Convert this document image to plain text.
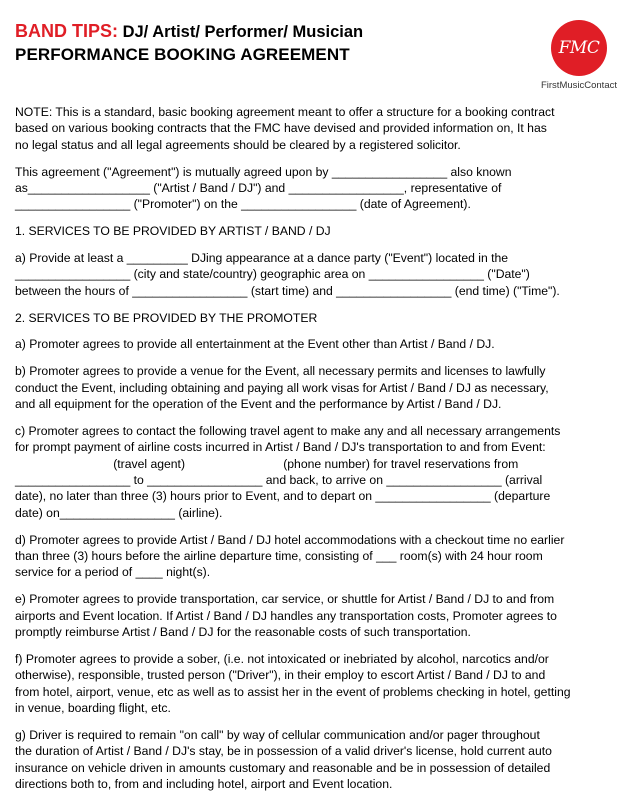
BAND TIPS: DJ/ Artist/ Performer/ Musician
PERFORMANCE BOOKING AGREEMENT	FMC
FirstMusicContact

NOTE: This is a standard, basic booking agreement meant to offer a structure for a booking contract
based on various booking contracts that the FMC have devised and provided information on, It has
no legal status and all legal agreements should be cleared by a registered solicitor.

This agreement ("Agreement") is mutually agreed upon by _________________ also known
as__________________ ("Artist / Band / DJ") and _________________, representative of
_________________ ("Promoter") on the _________________ (date of Agreement).

1. SERVICES TO BE PROVIDED BY ARTIST / BAND / DJ

a) Provide at least a _________ DJing appearance at a dance party ("Event") located in the
_________________ (city and state/country) geographic area on _________________ ("Date")
between the hours of _________________ (start time) and _________________ (end time) ("Time").

2. SERVICES TO BE PROVIDED BY THE PROMOTER

a) Promoter agrees to provide all entertainment at the Event other than Artist / Band / DJ.

b) Promoter agrees to provide a venue for the Event, all necessary permits and licenses to lawfully
conduct the Event, including obtaining and paying all work visas for Artist / Band / DJ as necessary,
and all equipment for the operation of the Event and the performance by Artist / Band / DJ.

c) Promoter agrees to contact the following travel agent to make any and all necessary arrangements
for prompt payment of airline costs incurred in Artist / Band / DJ's transportation to and from Event:
(travel agent)                             (phone number) for travel reservations from
_________________ to _________________ and back, to arrive on _________________ (arrival
date), no later than three (3) hours prior to Event, and to depart on _________________ (departure
date) on_________________ (airline).

d) Promoter agrees to provide Artist / Band / DJ hotel accommodations with a checkout time no earlier
than three (3) hours before the airline departure time, consisting of ___ room(s) with 24 hour room
service for a period of ____ night(s).

e) Promoter agrees to provide transportation, car service, or shuttle for Artist / Band / DJ to and from
airports and Event location. If Artist / Band / DJ handles any transportation costs, Promoter agrees to
promptly reimburse Artist / Band / DJ for the reasonable costs of such transportation.

f) Promoter agrees to provide a sober, (i.e. not intoxicated or inebriated by alcohol, narcotics and/or
otherwise), responsible, trusted person ("Driver"), in their employ to escort Artist / Band / DJ to and
from hotel, airport, venue, etc as well as to assist her in the event of problems checking in hotel, getting
in venue, boarding flight, etc.

g) Driver is required to remain "on call" by way of cellular communication and/or pager throughout
the duration of Artist / Band / DJ's stay, be in possession of a valid driver's license, hold current auto
insurance on vehicle driven in amounts customary and reasonable and be in possession of detailed
directions both to, from and including hotel, airport and Event location.
